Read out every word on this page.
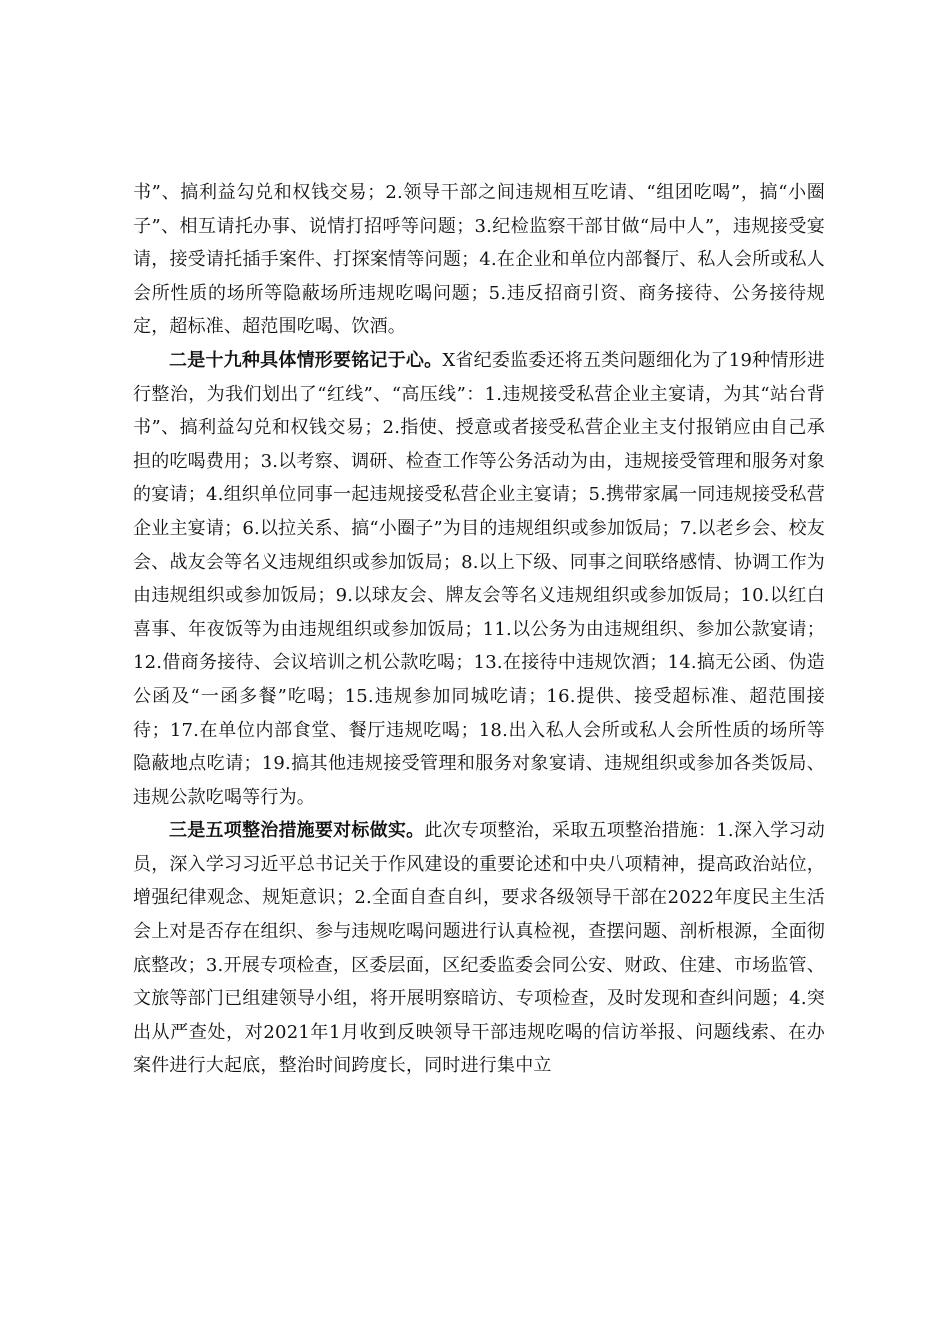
书”、搞利益勾兑和权钱交易；2.领导干部之间违规相互吃请、“组团吃喝”，搞“小圈子”、相互请托办事、说情打招呼等问题；3.纪检监察干部甘做“局中人”，违规接受宴请，接受请托插手案件、打探案情等问题；4.在企业和单位内部餐厅、私人会所或私人会所性质的场所等隐蔽场所违规吃喝问题；5.违反招商引资、商务接待、公务接待规定，超标准、超范围吃喝、饮酒。

二是十九种具体情形要铭记于心。X省纪委监委还将五类问题细化为了19种情形进行整治，为我们划出了“红线”、“高压线”：1.违规接受私营企业主宴请，为其“站台背书”、搞利益勾兑和权钱交易；2.指使、授意或者接受私营企业主支付报销应由自己承担的吃喝费用；3.以考察、调研、检查工作等公务活动为由，违规接受管理和服务对象的宴请；4.组织单位同事一起违规接受私营企业主宴请；5.携带家属一同违规接受私营企业主宴请；6.以拉关系、搞“小圈子”为目的违规组织或参加饭局；7.以老乡会、校友会、战友会等名义违规组织或参加饭局；8.以上下级、同事之间联络感情、协调工作为由违规组织或参加饭局；9.以球友会、牌友会等名义违规组织或参加饭局；10.以红白喜事、年夜饭等为由违规组织或参加饭局；11.以公务为由违规组织、参加公款宴请；12.借商务接待、会议培训之机公款吃喝；13.在接待中违规饮酒；14.搞无公函、伪造公函及“一函多餐”吃喝；15.违规参加同城吃请；16.提供、接受超标准、超范围接待；17.在单位内部食堂、餐厅违规吃喝；18.出入私人会所或私人会所性质的场所等隐蔽地点吃请；19.搞其他违规接受管理和服务对象宴请、违规组织或参加各类饭局、违规公款吃喝等行为。

三是五项整治措施要对标做实。此次专项整治，采取五项整治措施：1.深入学习动员，深入学习习近平总书记关于作风建设的重要论述和中央八项精神，提高政治站位，增强纪律观念、规矩意识；2.全面自查自纠，要求各级领导干部在2022年度民主生活会上对是否存在组织、参与违规吃喝问题进行认真检视，查摆问题、剖析根源，全面彻底整改；3.开展专项检查，区委层面，区纪委监委会同公安、财政、住建、市场监管、文旅等部门已组建领导小组，将开展明察暗访、专项检查，及时发现和查纠问题；4.突出从严查处，对2021年1月收到反映领导干部违规吃喝的信访举报、问题线索、在办案件进行大起底，整治时间跨度长，同时进行集中立
